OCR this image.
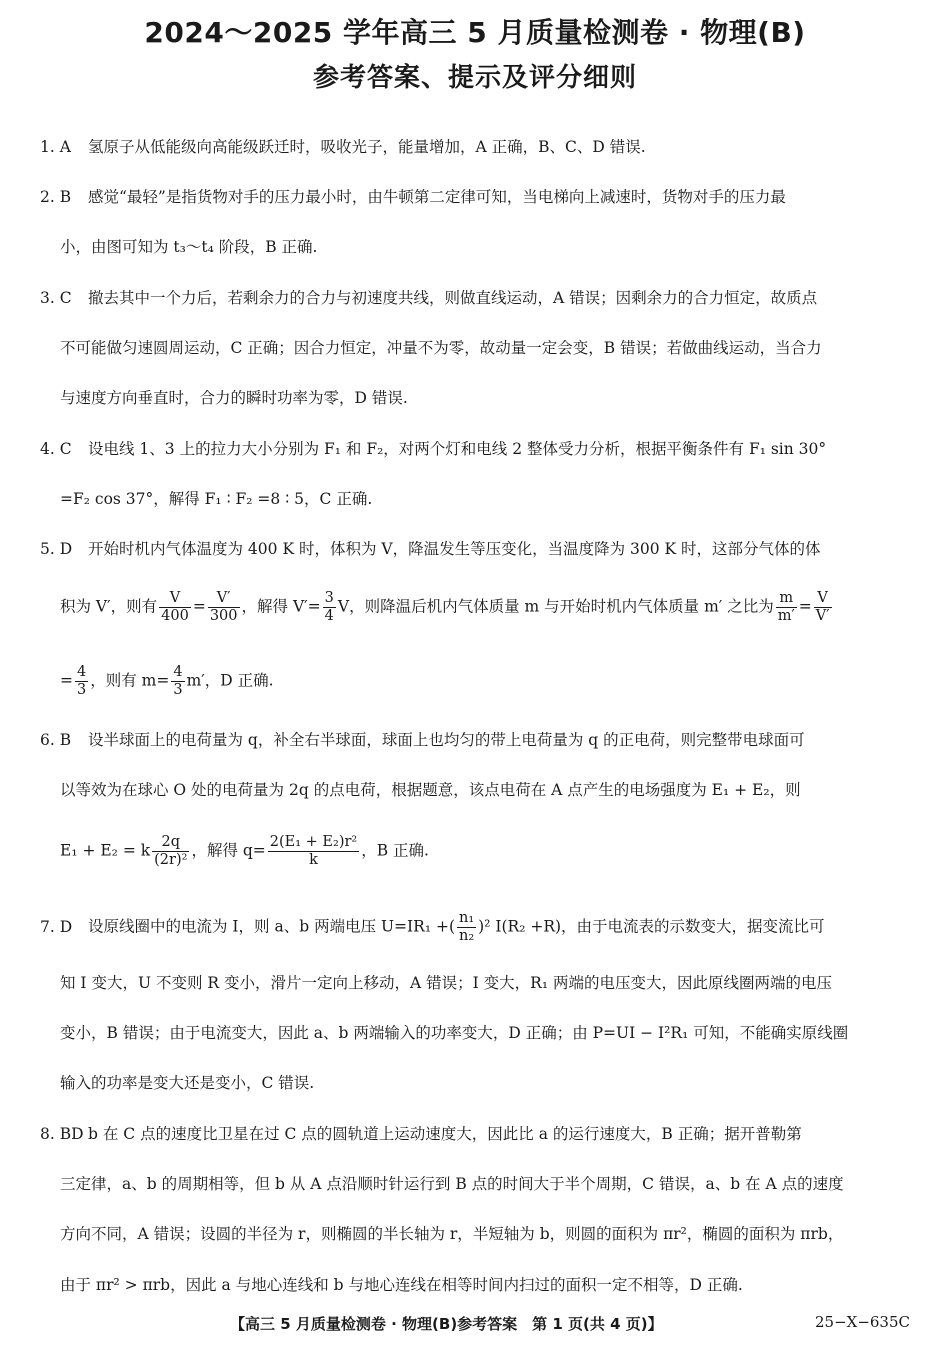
2024～2025 学年高三 5 月质量检测卷 · 物理(B)
参考答案、提示及评分细则
1. A 氢原子从低能级向高能级跃迁时，吸收光子，能量增加，A 正确，B、C、D 错误.
2. B 感觉“最轻”是指货物对手的压力最小时，由牛顿第二定律可知，当电梯向上减速时，货物对手的压力最
小，由图可知为 t₃～t₄ 阶段，B 正确.
3. C 撤去其中一个力后，若剩余力的合力与初速度共线，则做直线运动，A 错误；因剩余力的合力恒定，故质点
不可能做匀速圆周运动，C 正确；因合力恒定，冲量不为零，故动量一定会变，B 错误；若做曲线运动，当合力
与速度方向垂直时，合力的瞬时功率为零，D 错误.
4. C 设电线 1、3 上的拉力大小分别为 F₁ 和 F₂，对两个灯和电线 2 整体受力分析，根据平衡条件有 F₁ sin 30°
=F₂ cos 37°，解得 F₁ ∶ F₂ =8 ∶ 5，C 正确.
5. D 开始时机内气体温度为 400 K 时，体积为 V，降温发生等压变化，当温度降为 300 K 时，这部分气体的体
积为 V′，则有 $\frac{V}{400} = \frac{V'}{300}$ ，解得 $V'= \frac{3}{4}$ V，则降温后机内气体质量 m 与开始时机内气体质量 m′ 之比为 $\frac{m}{m'} = \frac{V}{V'}$
= $\frac{4}{3}$ ，则有 $m= \frac{4}{3} m'$，D 正确.
6. B 设半球面上的电荷量为 q，补全右半球面，球面上也均匀的带上电荷量为 q 的正电荷，则完整带电球面可
以等效为在球心 O 处的电荷量为 2q 的点电荷，根据题意，该点电荷在 A 点产生的电场强度为 E₁ + E₂，则
E₁ + E₂ = k $\frac{2q}{\text{(2r)²}}$ ，解得 $q= \frac{\text{2(E₁ + E₂)r²}}{k}$ ，B 正确.
7. D 设原线圈中的电流为 I，则 a、b 两端电压 U=IR₁ +( $\frac{\text{n₁}}{\text{n₂}} )^2$ I(R₂ +R)，由于电流表的示数变大，据变流比可
知 I 变大，U 不变则 R 变小，滑片一定向上移动，A 错误；I 变大，R₁ 两端的电压变大，因此原线圈两端的电压
变小，B 错误；由于电流变大，因此 a、b 两端输入的功率变大，D 正确；由 P=UI − I²R₁ 可知，不能确实原线圈
输入的功率是变大还是变小，C 错误.
8. BD b 在 C 点的速度比卫星在过 C 点的圆轨道上运动速度大，因此比 a 的运行速度大，B 正确；据开普勒第
三定律，a、b 的周期相等，但 b 从 A 点沿顺时针运行到 B 点的时间大于半个周期，C 错误，a、b 在 A 点的速度
方向不同，A 错误；设圆的半径为 r，则椭圆的半长轴为 r，半短轴为 b，则圆的面积为 πr²，椭圆的面积为 πrb，
由于 πr² > πrb，因此 a 与地心连线和 b 与地心连线在相等时间内扫过的面积一定不相等，D 正确.
【高三 5 月质量检测卷 · 物理(B)参考答案　第 1 页(共 4 页)】	25−X−635C
